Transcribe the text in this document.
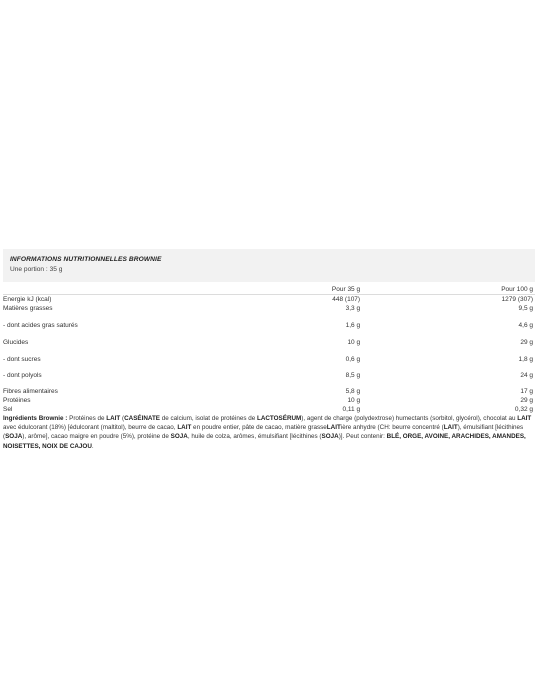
INFORMATIONS NUTRITIONNELLES BROWNIE
Une portion : 35 g
	Pour 35 g	Pour 100 g
Energie kJ (kcal)	448 (107)	1279 (307)
Matières grasses	3,3 g	9,5 g
- dont acides gras saturés	1,6 g	4,6 g
Glucides	10 g	29 g
- dont sucres	0,6 g	1,8 g
- dont polyols	8,5 g	24 g
Fibres alimentaires	5,8 g	17 g
Protéines	10 g	29 g
Sel	0,11 g	0,32 g
Ingrédients Brownie : Protéines de LAIT (CASÉINATE de calcium, isolat de protéines de LACTOSÉRUM), agent de charge (polydextrose) humectants (sorbitol, glycérol), chocolat au LAIT avec édulcorant (18%) [édulcorant (maltitol), beurre de cacao, LAIT en poudre entier, pâte de cacao, matière grasseLAITière anhydre (CH: beurre concentré (LAIT), émulsifiant [lécithines (SOJA), arôme], cacao maigre en poudre (5%), protéine de SOJA, huile de colza, arômes, émulsifiant [lécithines (SOJA)]. Peut contenir: BLÉ, ORGE, AVOINE, ARACHIDES, AMANDES, NOISETTES, NOIX DE CAJOU.
